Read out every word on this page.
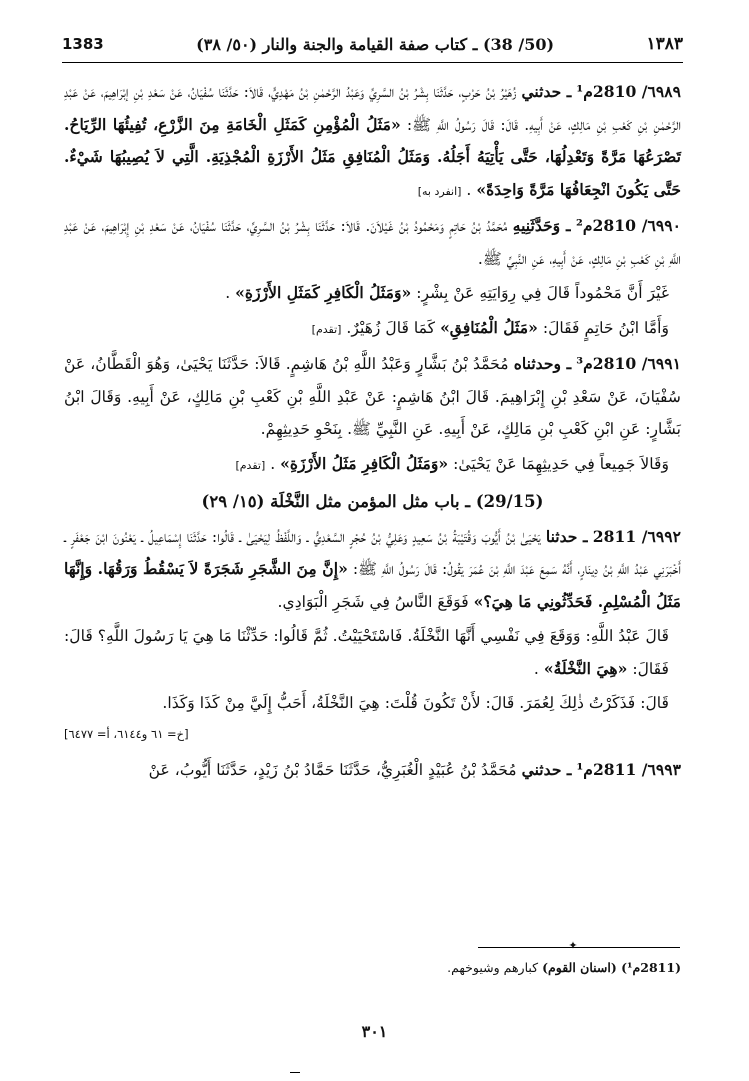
1383	(50/ 38) ـ كتاب صفة القيامة والجنة والنار (٥٠/ ٣٨)	١٣٨٣

٦٩٨٩/ 2810م¹ ـ حدثني زُهَيْرُ بْنُ حَرْبٍ، حَدَّثَنَا بِشْرُ بْنُ السَّرِيِّ وَعَبْدُ الرَّحْمٰنِ بْنُ مَهْدِيٍّ، قَالاَ: حَدَّثَنَا سُفْيَانُ، عَنْ سَعْدِ بْنِ إبْرَاهِيمَ، عَنْ عَبْدِ الرَّحْمٰنِ بْنِ كَعْبِ بْنِ مَالِكٍ، عَنْ أَبِيهِ. قَالَ: قَالَ رَسُولُ اللَّهِ ﷺ: «مَثَلُ الْمُؤْمِنِ كَمَثَلِ الْخَامَةِ مِنَ الزَّرْعِ، تُفِيئُهَا الرِّيَاحُ. تَصْرَعُهَا مَرَّةً وَتَعْدِلُهَا، حَتَّى يَأْتِيَهُ أَجَلُهُ. وَمَثَلُ الْمُنَافِقِ مَثَلُ الأَرْزَةِ الْمُجْذِيَةِ. الَّتِي لاَ يُصِيبُهَا شَيْءٌ. حَتَّى يَكُونَ انْجِعَافُهَا مَرَّةً وَاحِدَةً» . [انفرد به]

٦٩٩٠/ 2810م² ـ وَحَدَّثَنِيهِ مُحَمَّدُ بْنُ حَاتِمٍ وَمَحْمُودُ بْنُ غَيْلاَنَ. قَالاَ: حَدَّثَنَا بِشْرُ بْنُ السَّرِيِّ، حَدَّثَنَا سُفْيَانُ، عَنْ سَعْدِ بْنِ إِبْرَاهِيمَ، عَنْ عَبْدِ اللَّهِ بْنِ كَعْبِ بْنِ مَالِكٍ، عَنْ أَبِيهِ، عَنِ النَّبِيِّ ﷺ.

غَيْرَ أَنَّ مَحْمُوداً قَالَ فِي رِوَايَتِهِ عَنْ بِشْرٍ: «وَمَثَلُ الْكَافِرِ كَمَثَلِ الأَرْزَةِ» .

وَأَمَّا ابْنُ حَاتِمٍ فَقَالَ: «مَثَلُ الْمُنَافِقِ» كَمَا قَالَ زُهَيْرٌ. [تقدم]

٦٩٩١/ 2810م³ ـ وحدثناه مُحَمَّدُ بْنُ بَشَّارٍ وَعَبْدُ اللَّهِ بْنُ هَاشِمٍ. قَالاَ: حَدَّثَنَا يَحْيَىٰ، وَهُوَ الْقَطَّانُ، عَنْ سُفْيَانَ، عَنْ سَعْدِ بْنِ إِبْرَاهِيمَ. قَالَ ابْنُ هَاشِمٍ: عَنْ عَبْدِ اللَّهِ بْنِ كَعْبِ بْنِ مَالِكٍ، عَنْ أَبِيهِ. وَقَالَ ابْنُ بَشَّارٍ: عَنِ ابْنِ كَعْبِ بْنِ مَالِكٍ، عَنْ أَبِيهِ. عَنِ النَّبِيِّ ﷺ. بِنَحْوِ حَدِيثِهِمْ.

وَقَالاَ جَمِيعاً فِي حَدِيثِهِمَا عَنْ يَحْيَىٰ: «وَمَثَلُ الْكَافِرِ مَثَلُ الأَرْزَةِ» . [تقدم]

(29/15) ـ باب مثل المؤمن مثل النَّخْلَة (١٥/ ٢٩)

٦٩٩٢/ 2811 ـ حدثنا يَحْيَىٰ بْنُ أَيُّوبَ وَقُتَيْبَةُ بْنُ سَعِيدٍ وَعَلِيُّ بْنُ حُجْرٍ السَّعْدِيُّ ـ وَاللَّفْظُ لِيَحْيَىٰ ـ قَالُوا: حَدَّثَنَا إِسْمَاعِيلُ ـ يَعْنُونَ ابْنَ جَعْفَرٍ ـ أَخْبَرَنِي عَبْدُ اللَّهِ بْنُ دِينَارٍ، أَنَّهُ سَمِعَ عَبْدَ اللَّهِ بْنَ عُمَرَ يَقُولُ: قَالَ رَسُولُ اللَّهِ ﷺ: «إِنَّ مِنَ الشَّجَرِ شَجَرَةً لاَ يَسْقُطُ وَرَقُهَا. وَإِنَّهَا مَثَلُ الْمُسْلِمِ. فَحَدِّثُونِي مَا هِيَ؟» فَوَقَعَ النَّاسُ فِي شَجَرِ الْبَوَادِي.

قَالَ عَبْدُ اللَّهِ: وَوَقَعَ فِي نَفْسِي أَنَّهَا النَّخْلَةُ. فَاسْتَحْيَيْتُ. ثُمَّ قَالُوا: حَدِّثْنَا مَا هِيَ يَا رَسُولَ اللَّهِ؟ قَالَ: فَقَالَ: «هِيَ النَّخْلَةُ» .

قَالَ: فَذَكَرْتُ ذٰلِكَ لِعُمَرَ. قَالَ: لأَنْ تَكُونَ قُلْتَ: هِيَ النَّخْلَةُ، أَحَبُّ إِلَيَّ مِنْ كَذَا وَكَذَا.

[خ= ٦١ و٦١٤٤، أ= ٦٤٧٧]

٦٩٩٣/ 2811م¹ ـ حدثني مُحَمَّدُ بْنُ عُبَيْدٍ الْغُبَرِيُّ، حَدَّثَنَا حَمَّادُ بْنُ زَيْدٍ، حَدَّثَنَا أَيُّوبُ، عَنْ

✦
(2811م¹) (اسنان القوم) كبارهم وشيوخهم.
٣٠١
